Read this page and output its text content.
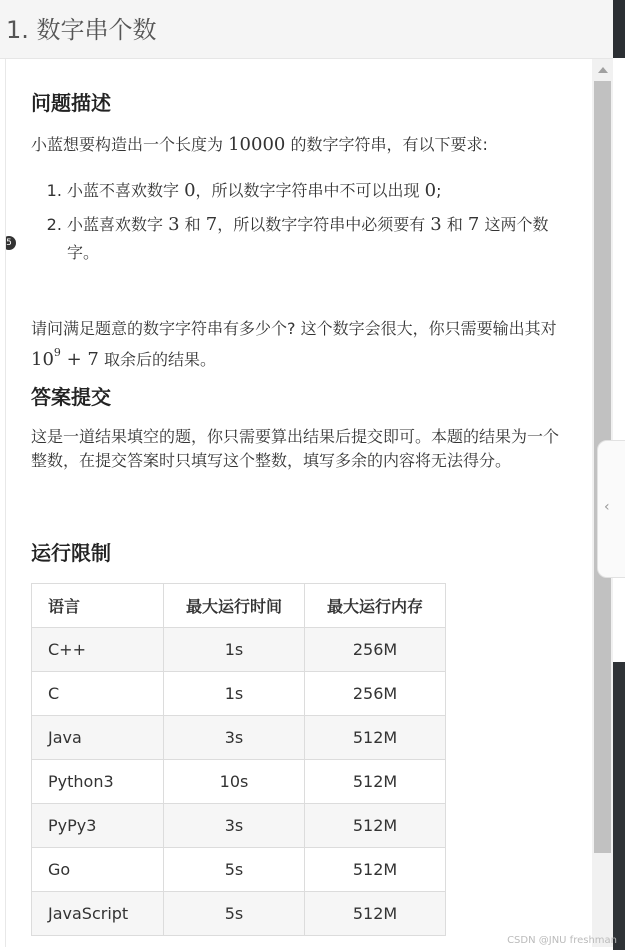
1. 数字串个数
5
问题描述

小蓝想要构造出一个长度为 10000 的数字字符串，有以下要求:

1. 小蓝不喜欢数字 0，所以数字字符串中不可以出现 0;
2. 小蓝喜欢数字 3 和 7，所以数字字符串中必须要有 3 和 7 这两个数字。

请问满足题意的数字字符串有多少个? 这个数字会很大，你只需要输出其对 $10^9 + 7$ 取余后的结果。

答案提交

这是一道结果填空的题，你只需要算出结果后提交即可。本题的结果为一个整数，在提交答案时只填写这个整数，填写多余的内容将无法得分。

运行限制
语言	最大运行时间	最大运行内存
C++	1s	256M
C	1s	256M
Java	3s	512M
Python3	10s	512M
PyPy3	3s	512M
Go	5s	512M
JavaScript	5s	512M
‹
CSDN @JNU freshman
